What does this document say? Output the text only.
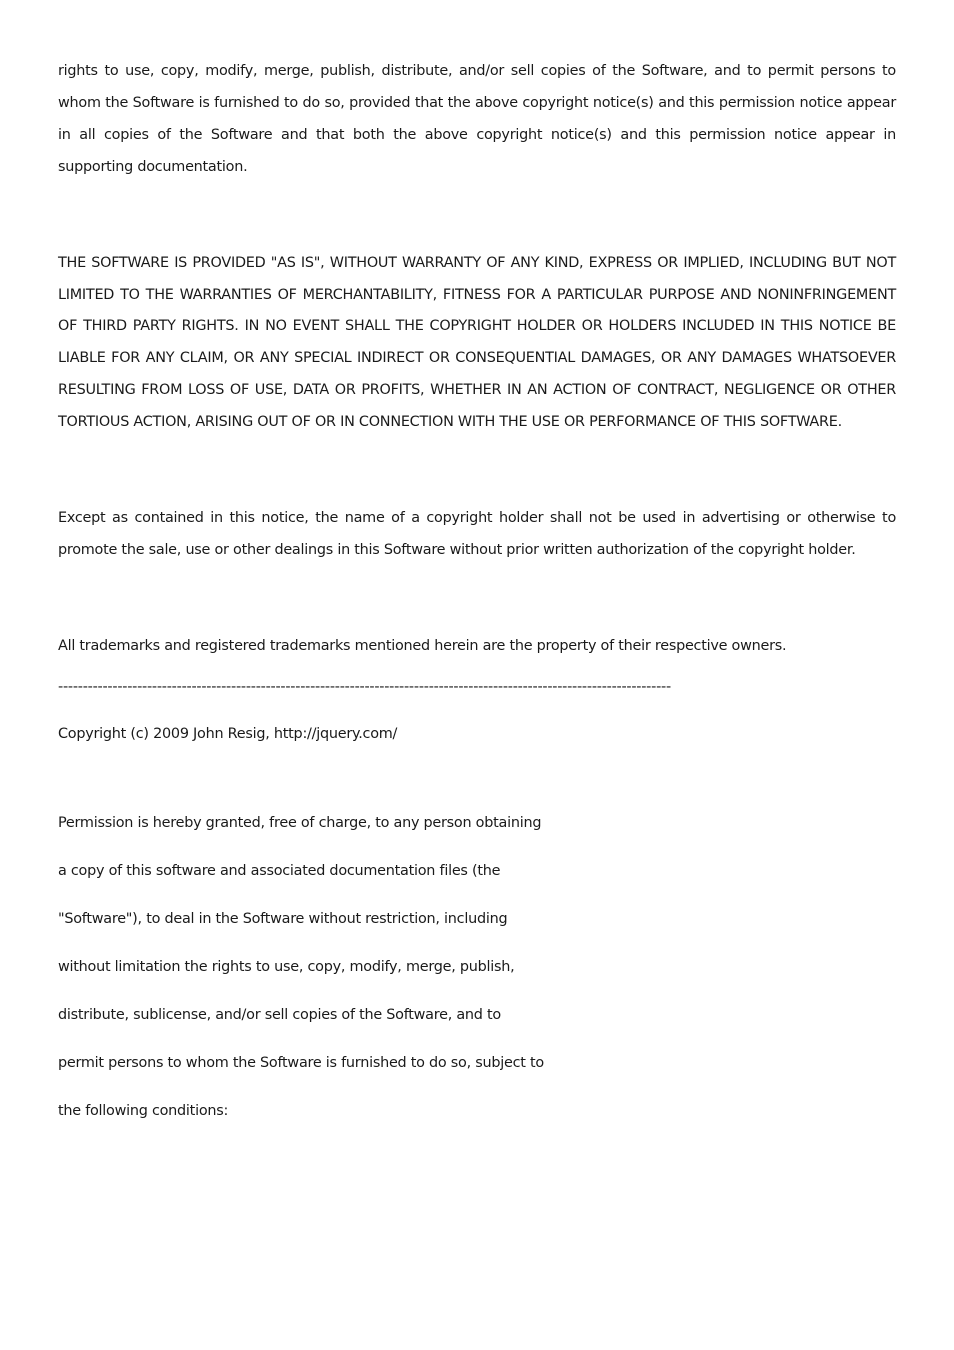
rights to use, copy, modify, merge, publish, distribute, and/or sell copies of the Software, and to permit persons to whom the Software is furnished to do so, provided that the above copyright notice(s) and this permission notice appear in all copies of the Software and that both the above copyright notice(s) and this permission notice appear in supporting documentation.

THE SOFTWARE IS PROVIDED "AS IS", WITHOUT WARRANTY OF ANY KIND, EXPRESS OR IMPLIED, INCLUDING BUT NOT LIMITED TO THE WARRANTIES OF MERCHANTABILITY, FITNESS FOR A PARTICULAR PURPOSE AND NONINFRINGEMENT OF THIRD PARTY RIGHTS. IN NO EVENT SHALL THE COPYRIGHT HOLDER OR HOLDERS INCLUDED IN THIS NOTICE BE LIABLE FOR ANY CLAIM, OR ANY SPECIAL INDIRECT OR CONSEQUENTIAL DAMAGES, OR ANY DAMAGES WHATSOEVER RESULTING FROM LOSS OF USE, DATA OR PROFITS, WHETHER IN AN ACTION OF CONTRACT, NEGLIGENCE OR OTHER TORTIOUS ACTION, ARISING OUT OF OR IN CONNECTION WITH THE USE OR PERFORMANCE OF THIS SOFTWARE.

Except as contained in this notice, the name of a copyright holder shall not be used in advertising or otherwise to promote the sale, use or other dealings in this Software without prior written authorization of the copyright holder.

All trademarks and registered trademarks mentioned herein are the property of their respective owners.

----------------------------------------------------------------------------------------------------------------------------

Copyright (c) 2009 John Resig, http://jquery.com/

Permission is hereby granted, free of charge, to any person obtaining

a copy of this software and associated documentation files (the

"Software"), to deal in the Software without restriction, including

without limitation the rights to use, copy, modify, merge, publish,

distribute, sublicense, and/or sell copies of the Software, and to

permit persons to whom the Software is furnished to do so, subject to

the following conditions:
